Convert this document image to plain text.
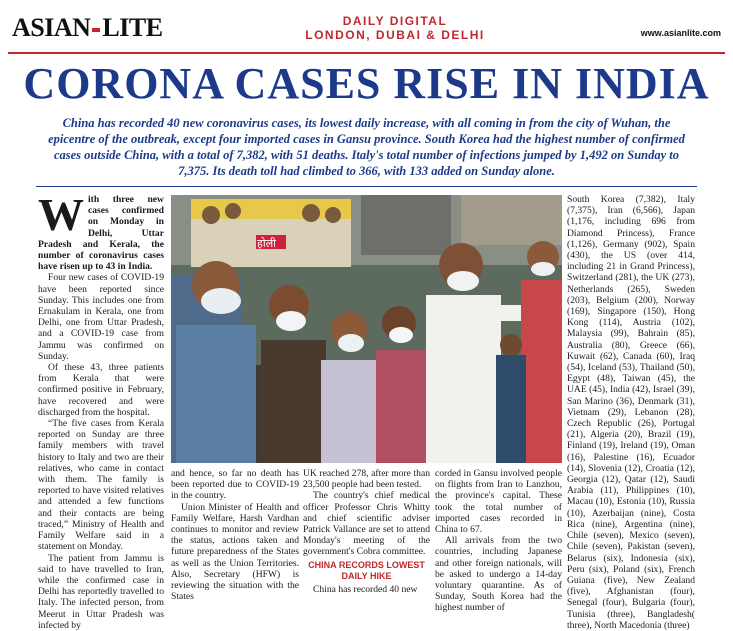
ASIAN LITE	DAILY DIGITAL
LONDON, DUBAI & DELHI	www.asianlite.com
CORONA CASES RISE IN INDIA
China has recorded 40 new coronavirus cases, its lowest daily increase, with all coming in from the city of Wuhan, the epicentre of the outbreak, except four imported cases in Gansu province. South Korea had the highest number of confirmed cases outside China, with a total of 7,382, with 51 deaths. Italy's total number of infections jumped by 1,492 on Sunday to 7,375. Its death toll had climbed to 366, with 133 added on Sunday alone.

With three new cases confirmed on Monday in Delhi, Uttar Pradesh and Kerala, the number of coronavirus cases have risen up to 43 in India.

Four new cases of COVID-19 have been reported since Sunday. This includes one from Ernakulam in Kerala, one from Delhi, one from Uttar Pradesh, and a COVID-19 case from Jammu was confirmed on Sunday.

Of these 43, three patients from Kerala that were confirmed positive in February, have recovered and were discharged from the hospital.

“The five cases from Kerala reported on Sunday are three family members with travel history to Italy and two are their relatives, who came in contact with them. The family is reported to have visited relatives and attended a few functions and their contacts are being traced,” Ministry of Health and Family Welfare said in a statement on Monday.

The patient from Jammu is said to have travelled to Iran, while the confirmed case in Delhi has reportedly travelled to Italy. The infected person, from Meerut in Uttar Pradesh was infected by

होली

and hence, so far no death has been reported due to COVID-19 in the country.

Union Minister of Health and Family Welfare, Harsh Vardhan continues to monitor and review the status, actions taken and future preparedness of the States as well as the Union Territories. Also, Secretary (HFW) is reviewing the situation with the States

UK reached 278, after more than 23,500 people had been tested.

The country's chief medical officer Professor Chris Whitty and chief scientific adviser Patrick Vallance are set to attend Monday's meeting of the government's Cobra committee.

CHINA RECORDS LOWEST DAILY HIKE

China has recorded 40 new

corded in Gansu involved people on flights from Iran to Lanzhou, the province's capital. These took the total number of imported cases recorded in China to 67.

All arrivals from the two countries, including Japanese and other foreign nationals, will be asked to undergo a 14-day voluntary quarantine. As of Sunday, South Korea had the highest number of

South Korea (7,382), Italy (7,375), Iran (6,566), Japan (1,176, including 696 from Diamond Princess), France (1,126), Germany (902), Spain (430), the US (over 414, including 21 in Grand Princess), Switzerland (281), the UK (273), Netherlands (265), Sweden (203), Belgium (200), Norway (169), Singapore (150), Hong Kong (114), Austria (102), Malaysia (99), Bahrain (85), Australia (80), Greece (66), Kuwait (62), Canada (60), Iraq (54), Iceland (53), Thailand (50), Egypt (48), Taiwan (45), the UAE (45), India (42), Israel (39), San Marino (36), Denmark (31), Vietnam (29), Lebanon (28), Czech Republic (26), Portugal (21), Algeria (20), Brazil (19), Finland (19), Ireland (19), Oman (16), Palestine (16), Ecuador (14), Slovenia (12), Croatia (12), Georgia (12), Qatar (12), Saudi Arabia (11), Philippines (10), Macau (10), Estonia (10), Russia (10), Azerbaijan (nine), Costa Rica (nine), Argentina (nine), Chile (seven), Mexico (seven), Chile (seven), Pakistan (seven), Belarus (six), Indonesia (six), Peru (six), Poland (six), French Guiana (five), New Zealand (five), Afghanistan (four), Senegal (four), Bulgaria (four), Tunisia (three), Bangladesh( three), North Macedonia (three)
